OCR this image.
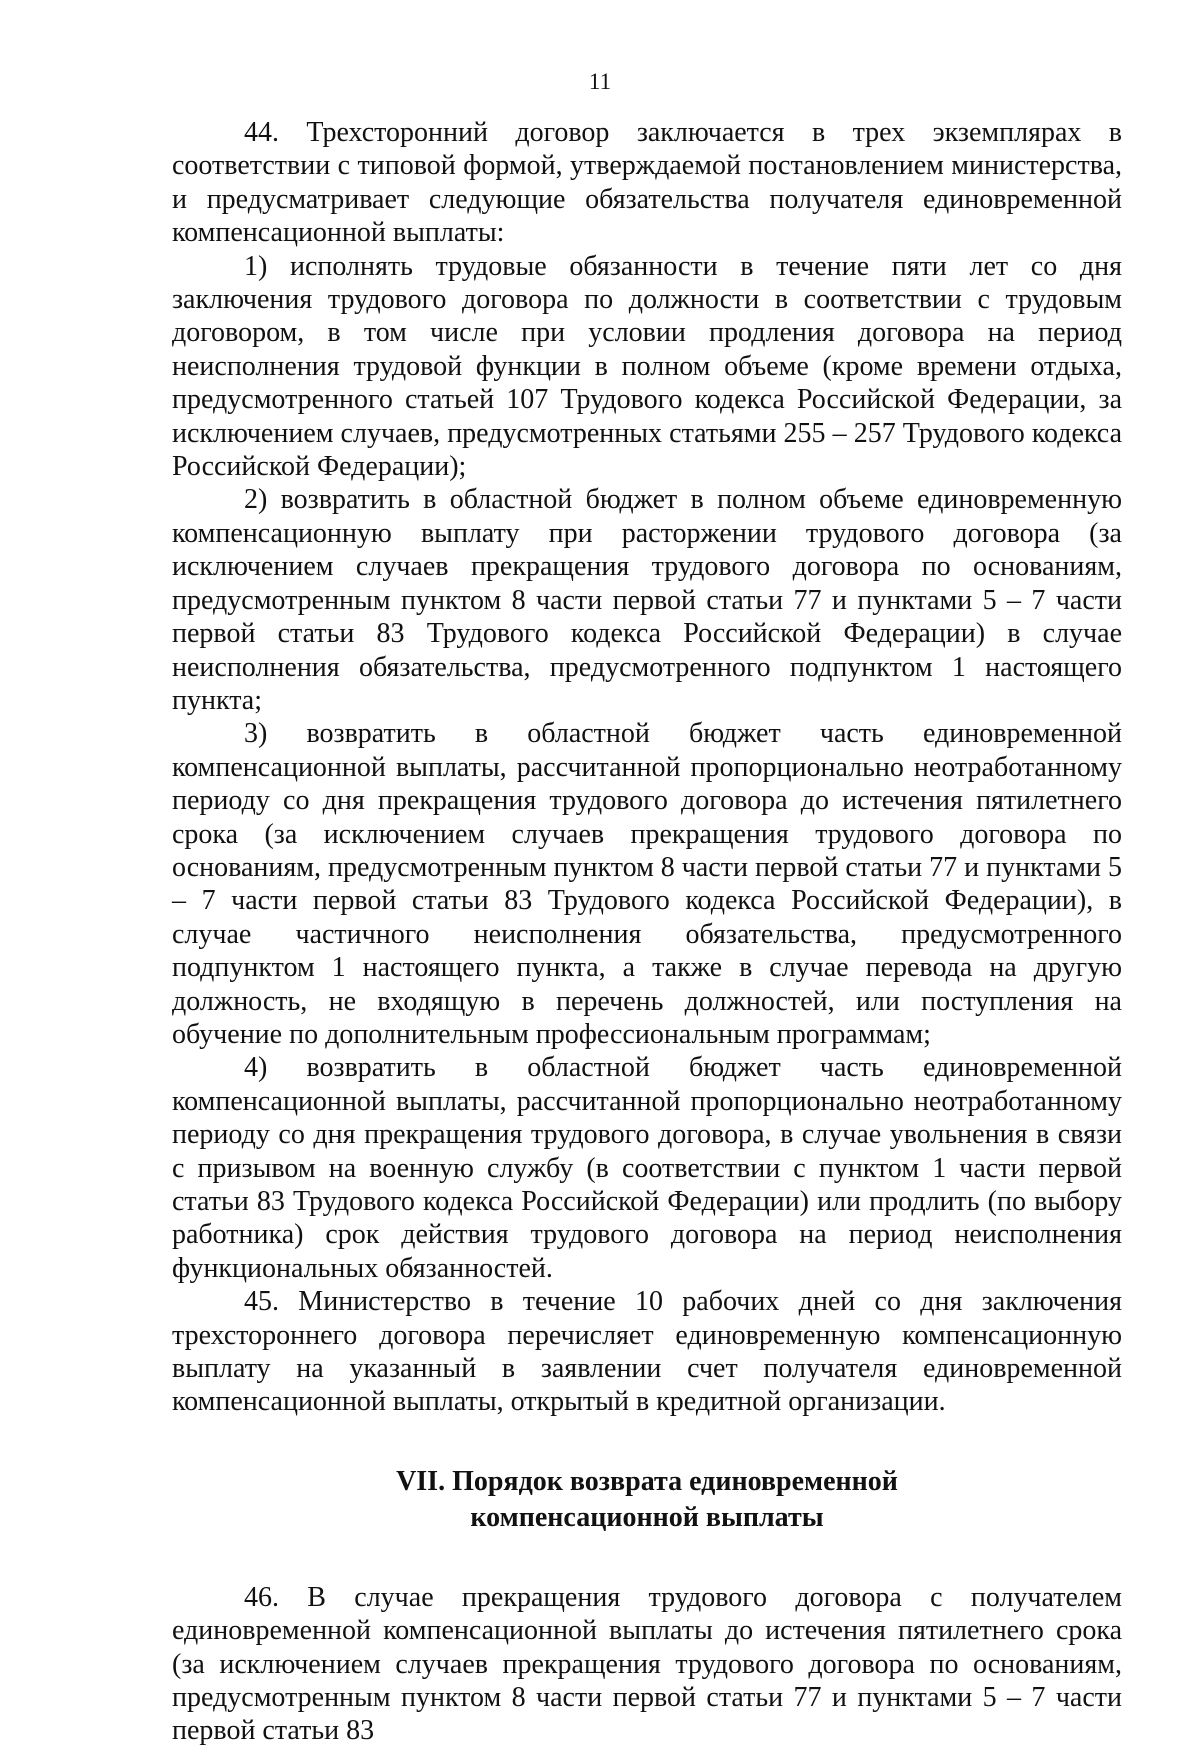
11

44. Трехсторонний договор заключается в трех экземплярах в соответствии с типовой формой, утверждаемой постановлением министерства, и предусматривает следующие обязательства получателя единовременной компенсационной выплаты:

1) исполнять трудовые обязанности в течение пяти лет со дня заключения трудового договора по должности в соответствии с трудовым договором, в том числе при условии продления договора на период неисполнения трудовой функции в полном объеме (кроме времени отдыха, предусмотренного статьей 107 Трудового кодекса Российской Федерации, за исключением случаев, предусмотренных статьями 255 – 257 Трудового кодекса Российской Федерации);

2) возвратить в областной бюджет в полном объеме единовременную компенсационную выплату при расторжении трудового договора (за исключением случаев прекращения трудового договора по основаниям, предусмотренным пунктом 8 части первой статьи 77 и пунктами 5 – 7 части первой статьи 83 Трудового кодекса Российской Федерации) в случае неисполнения обязательства, предусмотренного подпунктом 1 настоящего пункта;

3) возвратить в областной бюджет часть единовременной компенсационной выплаты, рассчитанной пропорционально неотработанному периоду со дня прекращения трудового договора до истечения пятилетнего срока (за исключением случаев прекращения трудового договора по основаниям, предусмотренным пунктом 8 части первой статьи 77 и пунктами 5 – 7 части первой статьи 83 Трудового кодекса Российской Федерации), в случае частичного неисполнения обязательства, предусмотренного подпунктом 1 настоящего пункта, а также в случае перевода на другую должность, не входящую в перечень должностей, или поступления на обучение по дополнительным профессиональным программам;

4) возвратить в областной бюджет часть единовременной компенсационной выплаты, рассчитанной пропорционально неотработанному периоду со дня прекращения трудового договора, в случае увольнения в связи с призывом на военную службу (в соответствии с пунктом 1 части первой статьи 83 Трудового кодекса Российской Федерации) или продлить (по выбору работника) срок действия трудового договора на период неисполнения функциональных обязанностей.

45. Министерство в течение 10 рабочих дней со дня заключения трехстороннего договора перечисляет единовременную компенсационную выплату на указанный в заявлении счет получателя единовременной компенсационной выплаты, открытый в кредитной организации.

VII. Порядок возврата единовременной
компенсационной выплаты

46. В случае прекращения трудового договора с получателем единовременной компенсационной выплаты до истечения пятилетнего срока (за исключением случаев прекращения трудового договора по основаниям, предусмотренным пунктом 8 части первой статьи 77 и пунктами 5 – 7 части первой статьи 83
